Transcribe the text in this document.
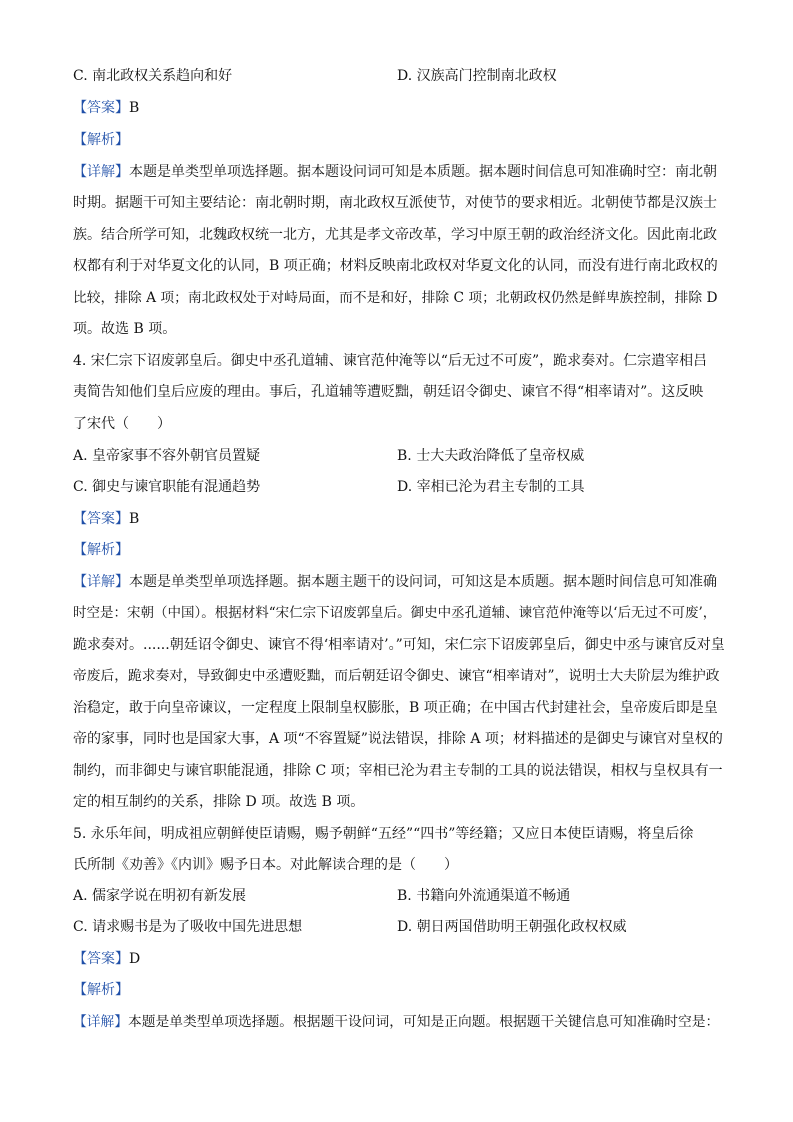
C. 南北政权关系趋向和好	D. 汉族高门控制南北政权
【答案】B
【解析】
【详解】本题是单类型单项选择题。据本题设问词可知是本质题。据本题时间信息可知准确时空：南北朝
时期。据题干可知主要结论：南北朝时期，南北政权互派使节，对使节的要求相近。北朝使节都是汉族士
族。结合所学可知，北魏政权统一北方，尤其是孝文帝改革，学习中原王朝的政治经济文化。因此南北政
权都有利于对华夏文化的认同，B 项正确；材料反映南北政权对华夏文化的认同，而没有进行南北政权的
比较，排除 A 项；南北政权处于对峙局面，而不是和好，排除 C 项；北朝政权仍然是鲜卑族控制，排除 D
项。故选 B 项。
4. 宋仁宗下诏废郭皇后。御史中丞孔道辅、谏官范仲淹等以“后无过不可废”，跪求奏对。仁宗遣宰相吕
夷简告知他们皇后应废的理由。事后，孔道辅等遭贬黜，朝廷诏令御史、谏官不得“相率请对”。这反映
了宋代（　　）
A. 皇帝家事不容外朝官员置疑	B. 士大夫政治降低了皇帝权威
C. 御史与谏官职能有混通趋势	D. 宰相已沦为君主专制的工具
【答案】B
【解析】
【详解】本题是单类型单项选择题。据本题主题干的设问词，可知这是本质题。据本题时间信息可知准确
时空是：宋朝（中国）。根据材料“宋仁宗下诏废郭皇后。御史中丞孔道辅、谏官范仲淹等以‘后无过不可废’，
跪求奏对。......朝廷诏令御史、谏官不得‘相率请对’。”可知，宋仁宗下诏废郭皇后，御史中丞与谏官反对皇
帝废后，跪求奏对，导致御史中丞遭贬黜，而后朝廷诏令御史、谏官“相率请对”，说明士大夫阶层为维护政
治稳定，敢于向皇帝谏议，一定程度上限制皇权膨胀，B 项正确；在中国古代封建社会，皇帝废后即是皇
帝的家事，同时也是国家大事，A 项“不容置疑”说法错误，排除 A 项；材料描述的是御史与谏官对皇权的
制约，而非御史与谏官职能混通，排除 C 项；宰相已沦为君主专制的工具的说法错误，相权与皇权具有一
定的相互制约的关系，排除 D 项。故选 B 项。
5. 永乐年间，明成祖应朝鲜使臣请赐，赐予朝鲜“五经”“四书”等经籍；又应日本使臣请赐，将皇后徐
氏所制《劝善》《内训》赐予日本。对此解读合理的是（　　）
A. 儒家学说在明初有新发展	B. 书籍向外流通渠道不畅通
C. 请求赐书是为了吸收中国先进思想	D. 朝日两国借助明王朝强化政权权威
【答案】D
【解析】
【详解】本题是单类型单项选择题。根据题干设问词，可知是正向题。根据题干关键信息可知准确时空是：
